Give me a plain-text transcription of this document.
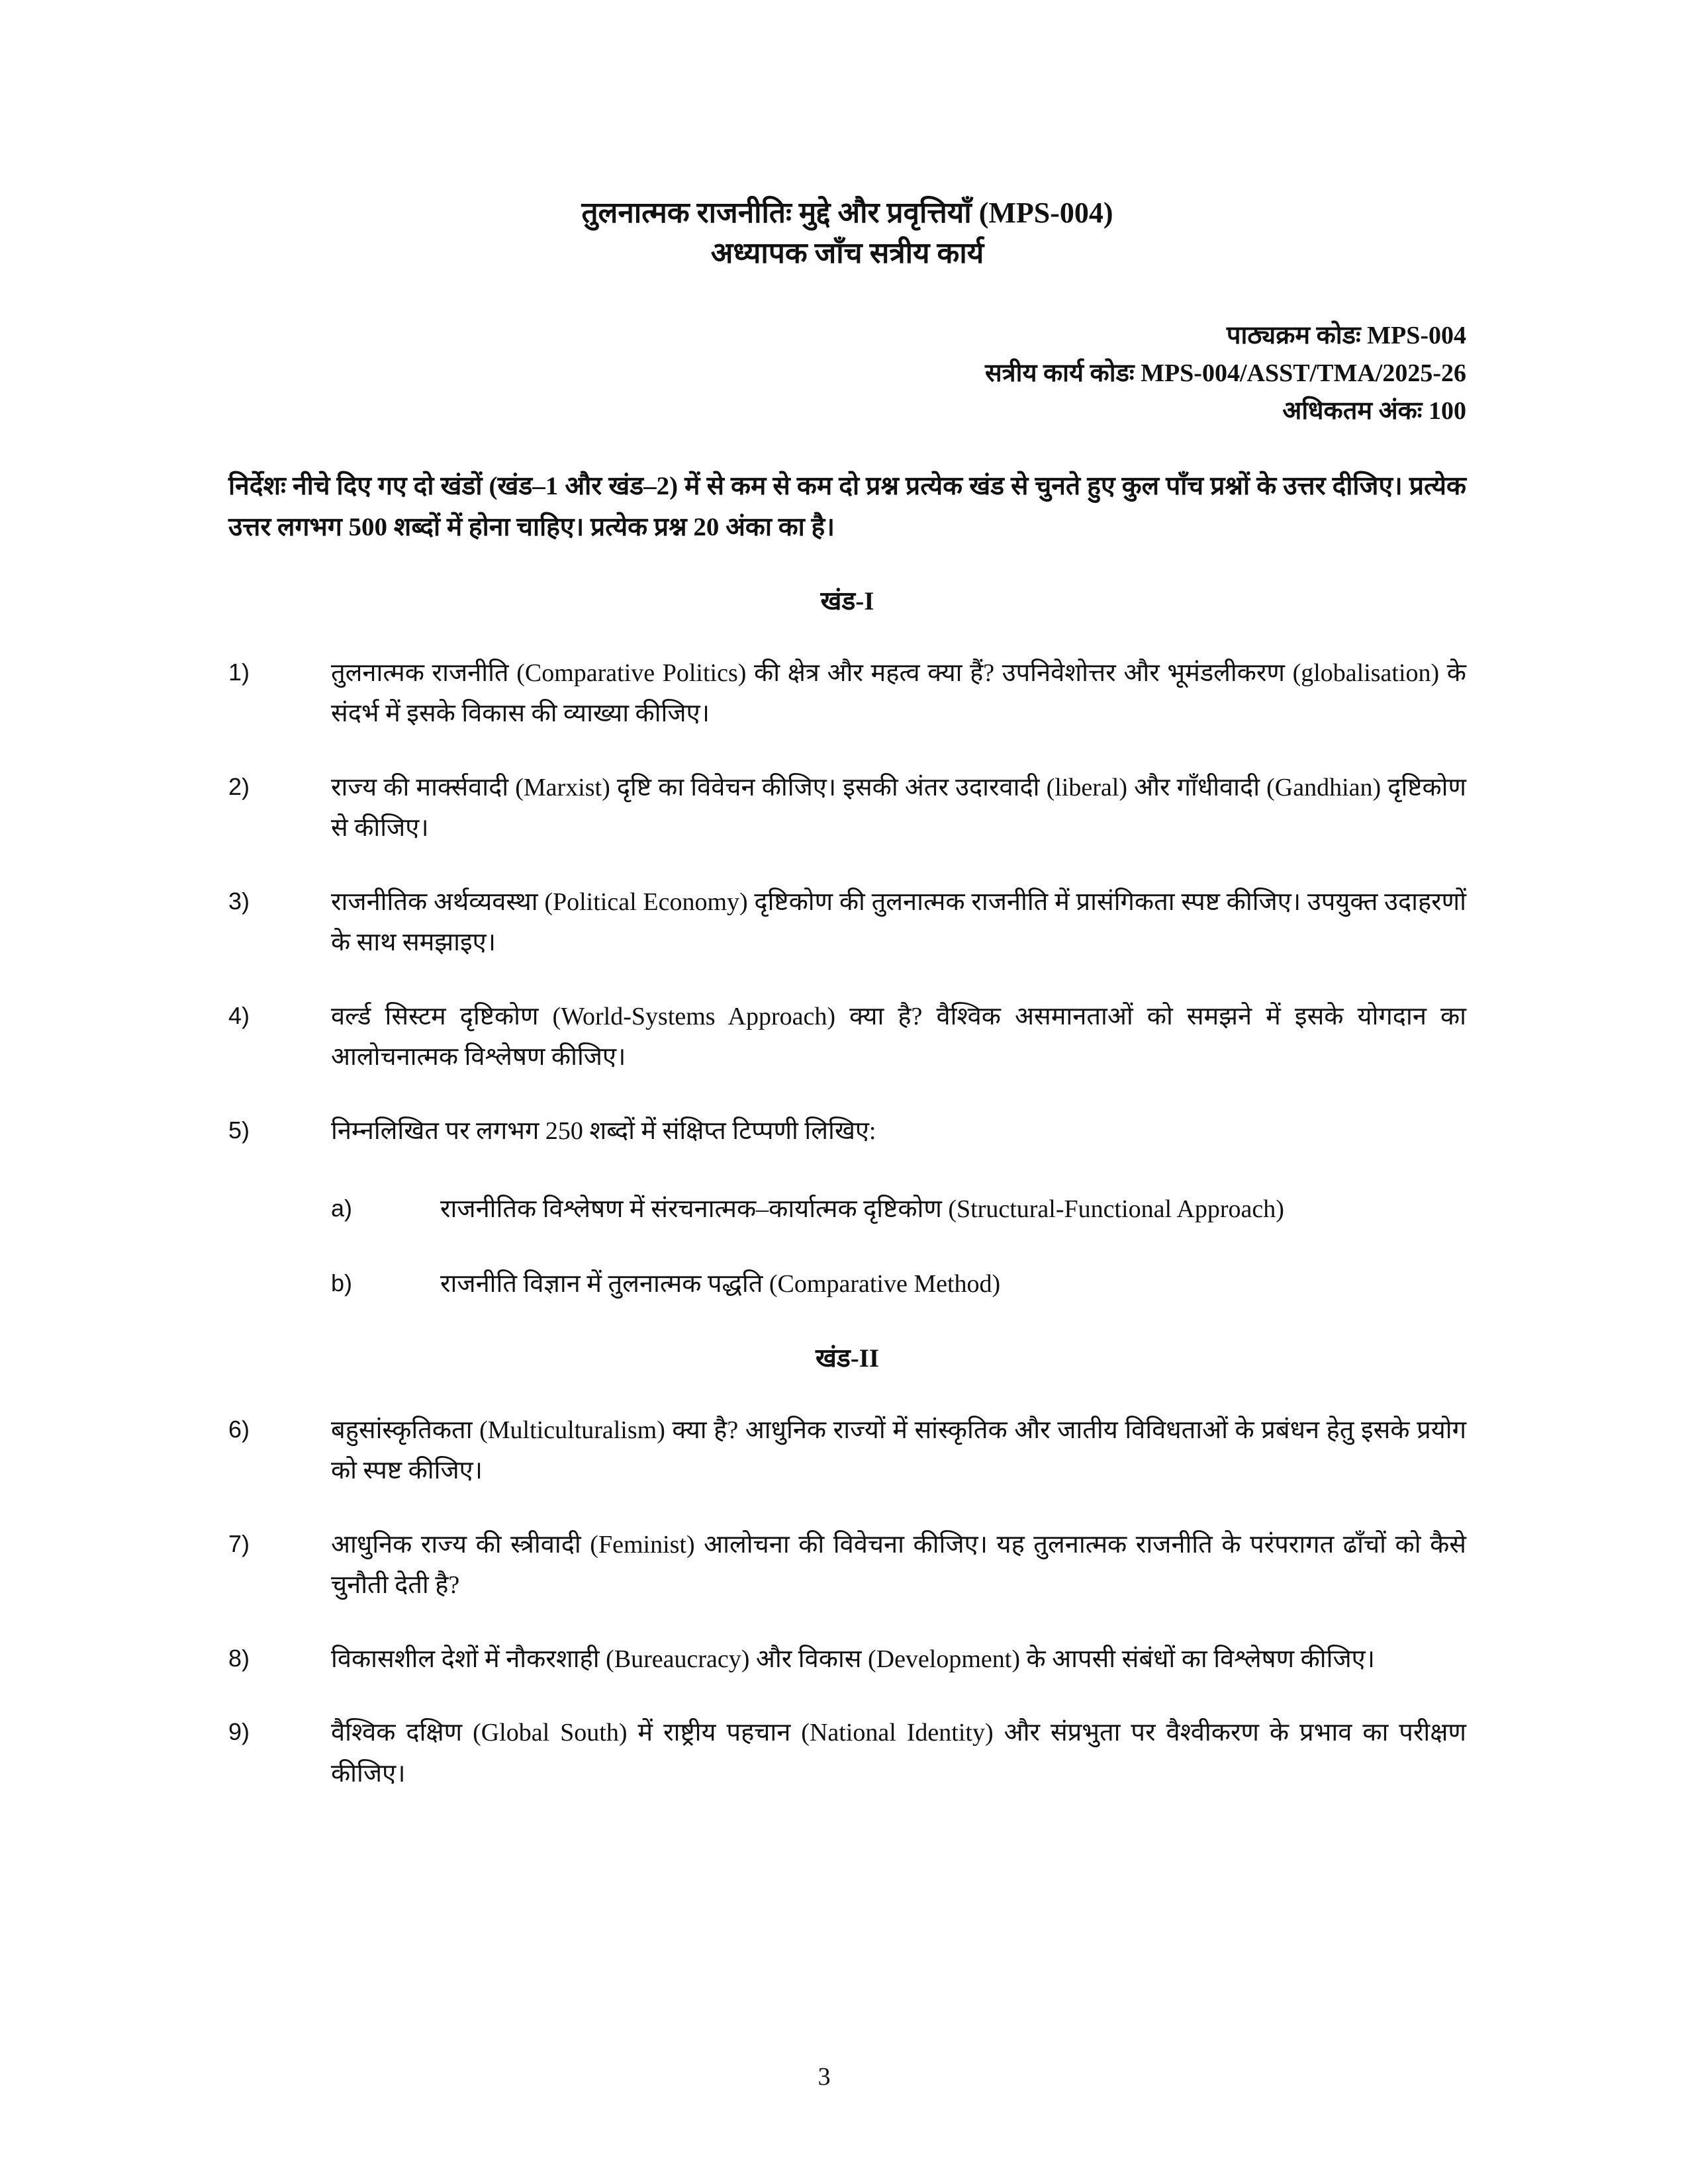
तुलनात्मक राजनीतिः मुद्दे और प्रवृत्तियाँ (MPS-004)
अध्यापक जाँच सत्रीय कार्य
पाठ्यक्रम कोडः MPS-004
सत्रीय कार्य कोडः MPS-004/ASST/TMA/2025-26
अधिकतम अंकः 100
निर्देशः नीचे दिए गए दो खंडों (खंड–1 और खंड–2) में से कम से कम दो प्रश्न प्रत्येक खंड से चुनते हुए कुल पाँच प्रश्नों के उत्तर दीजिए। प्रत्येक उत्तर लगभग 500 शब्दों में होना चाहिए। प्रत्येक प्रश्न 20 अंका का है।
खंड-I
1)	तुलनात्मक राजनीति (Comparative Politics) की क्षेत्र और महत्व क्या हैं? उपनिवेशोत्तर और भूमंडलीकरण (globalisation) के संदर्भ में इसके विकास की व्याख्या कीजिए।
2)	राज्य की मार्क्सवादी (Marxist) दृष्टि का विवेचन कीजिए। इसकी अंतर उदारवादी (liberal) और गाँधीवादी (Gandhian) दृष्टिकोण से कीजिए।
3)	राजनीतिक अर्थव्यवस्था (Political Economy) दृष्टिकोण की तुलनात्मक राजनीति में प्रासंगिकता स्पष्ट कीजिए। उपयुक्त उदाहरणों के साथ समझाइए।
4)	वर्ल्ड सिस्टम दृष्टिकोण (World-Systems Approach) क्या है? वैश्विक असमानताओं को समझने में इसके योगदान का आलोचनात्मक विश्लेषण कीजिए।
5)	निम्नलिखित पर लगभग 250 शब्दों में संक्षिप्त टिप्पणी लिखिए:
a)	राजनीतिक विश्लेषण में संरचनात्मक–कार्यात्मक दृष्टिकोण (Structural-Functional Approach)
b)	राजनीति विज्ञान में तुलनात्मक पद्धति (Comparative Method)
खंड-II
6)	बहुसांस्कृतिकता (Multiculturalism) क्या है? आधुनिक राज्यों में सांस्कृतिक और जातीय विविधताओं के प्रबंधन हेतु इसके प्रयोग को स्पष्ट कीजिए।
7)	आधुनिक राज्य की स्त्रीवादी (Feminist) आलोचना की विवेचना कीजिए। यह तुलनात्मक राजनीति के परंपरागत ढाँचों को कैसे चुनौती देती है?
8)	विकासशील देशों में नौकरशाही (Bureaucracy) और विकास (Development) के आपसी संबंधों का विश्लेषण कीजिए।
9)	वैश्विक दक्षिण (Global South) में राष्ट्रीय पहचान (National Identity) और संप्रभुता पर वैश्वीकरण के प्रभाव का परीक्षण कीजिए।
3
